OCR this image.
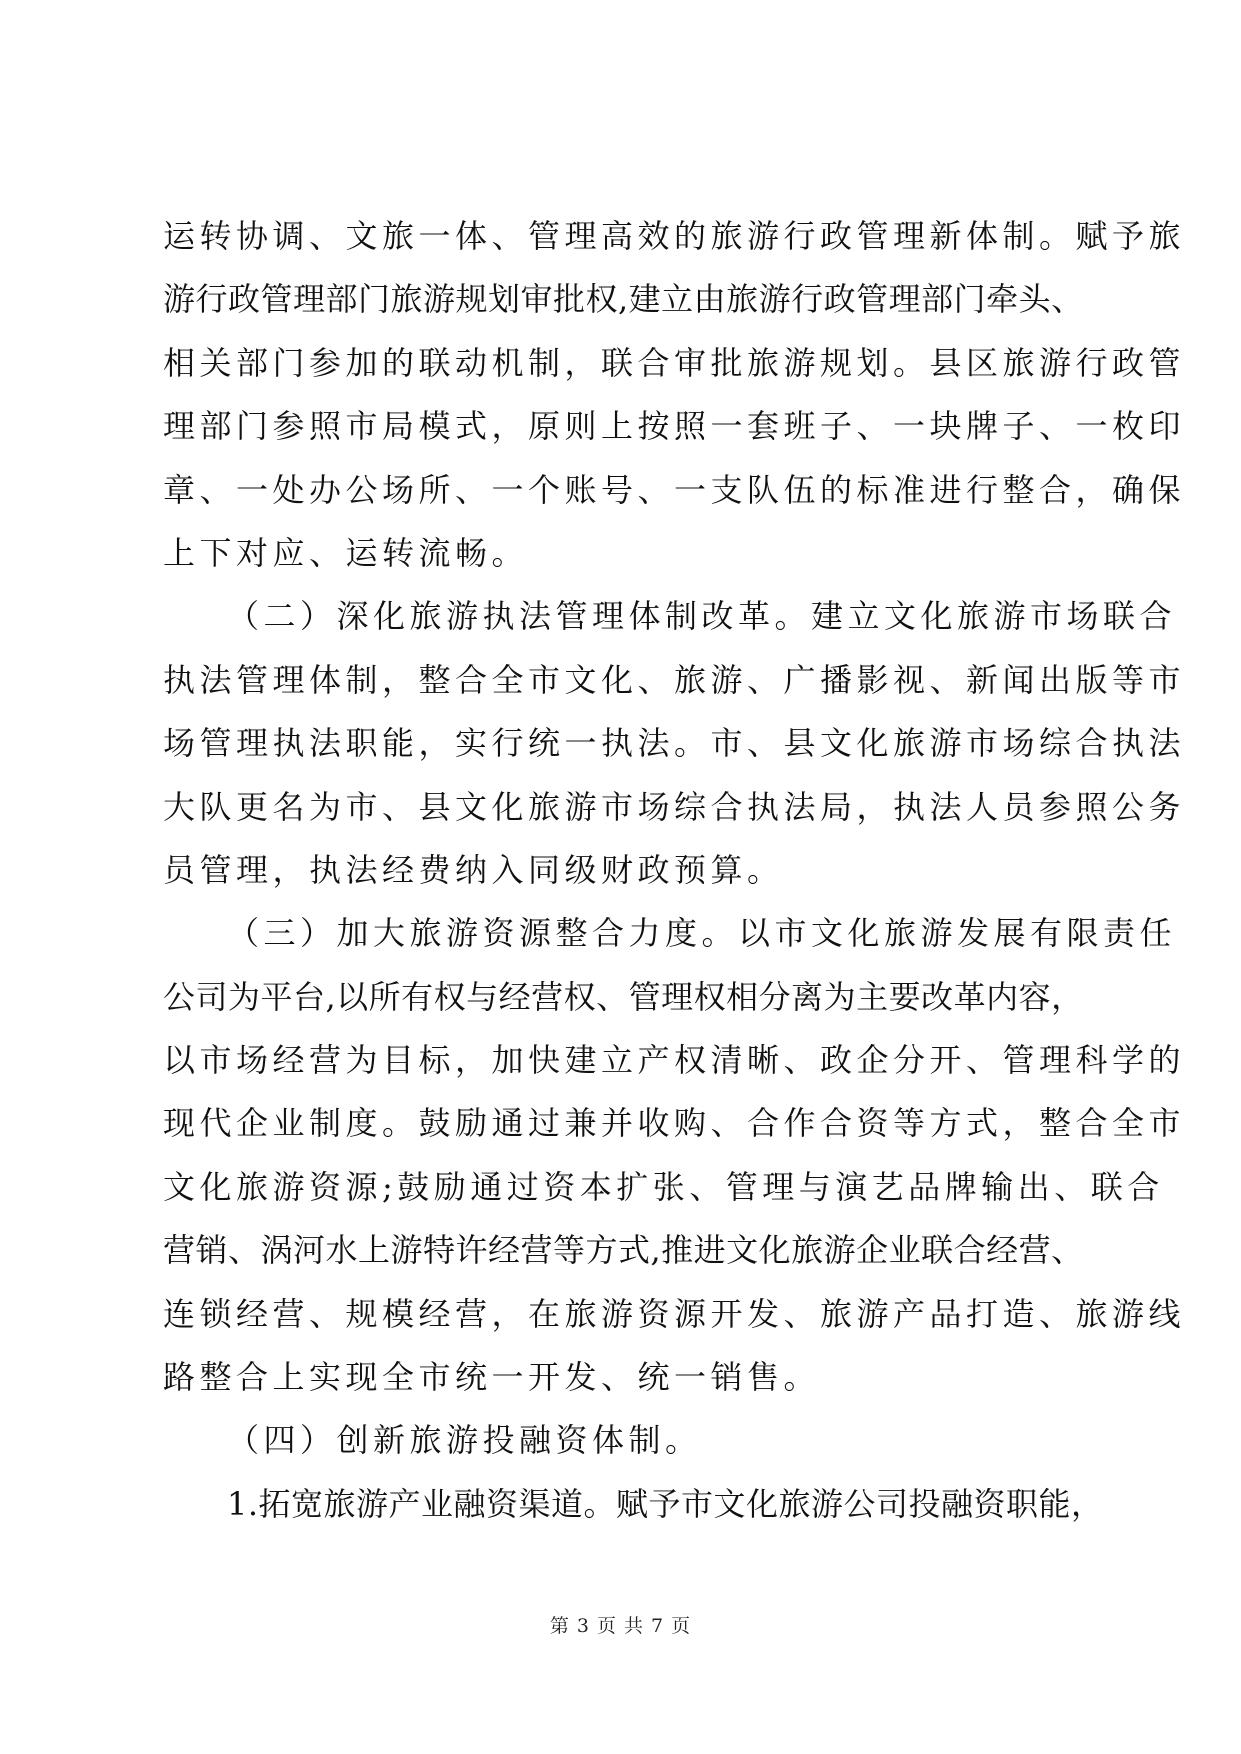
运转协调、文旅一体、管理高效的旅游行政管理新体制。赋予旅
游行政管理部门旅游规划审批权,建立由旅游行政管理部门牵头、
相关部门参加的联动机制，联合审批旅游规划。县区旅游行政管
理部门参照市局模式，原则上按照一套班子、一块牌子、一枚印
章、一处办公场所、一个账号、一支队伍的标准进行整合，确保
上下对应、运转流畅。
（二）深化旅游执法管理体制改革。建立文化旅游市场联合
执法管理体制，整合全市文化、旅游、广播影视、新闻出版等市
场管理执法职能，实行统一执法。市、县文化旅游市场综合执法
大队更名为市、县文化旅游市场综合执法局，执法人员参照公务
员管理，执法经费纳入同级财政预算。
（三）加大旅游资源整合力度。以市文化旅游发展有限责任
公司为平台,以所有权与经营权、管理权相分离为主要改革内容，
以市场经营为目标，加快建立产权清晰、政企分开、管理科学的
现代企业制度。鼓励通过兼并收购、合作合资等方式，整合全市
文化旅游资源;鼓励通过资本扩张、管理与演艺品牌输出、联合
营销、涡河水上游特许经营等方式,推进文化旅游企业联合经营、
连锁经营、规模经营，在旅游资源开发、旅游产品打造、旅游线
路整合上实现全市统一开发、统一销售。
（四）创新旅游投融资体制。
1.拓宽旅游产业融资渠道。赋予市文化旅游公司投融资职能，
第 3 页 共 7 页
